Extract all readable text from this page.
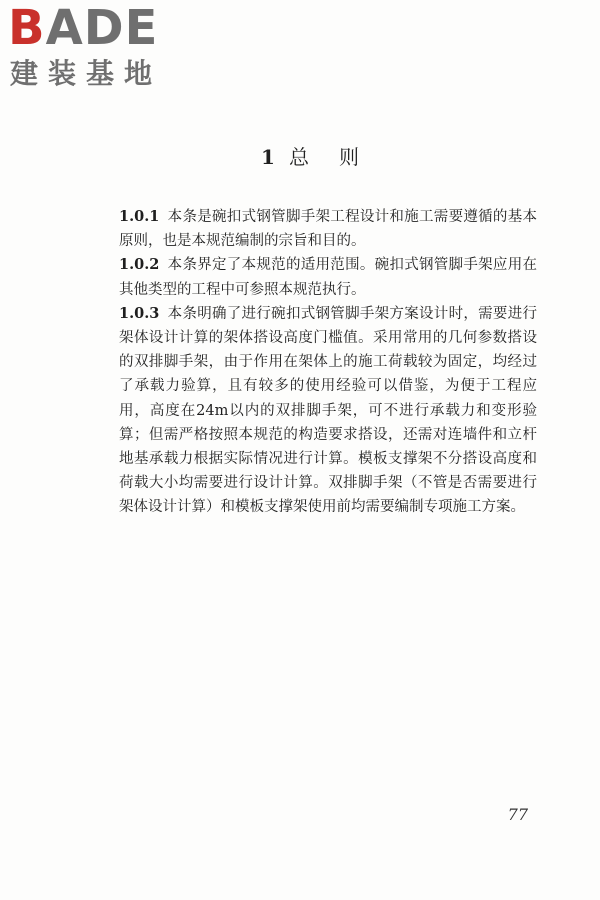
BADE
建装基地
1 总则

1.0.1 本条是碗扣式钢管脚手架工程设计和施工需要遵循的基本原则，也是本规范编制的宗旨和目的。

1.0.2 本条界定了本规范的适用范围。碗扣式钢管脚手架应用在其他类型的工程中可参照本规范执行。

1.0.3 本条明确了进行碗扣式钢管脚手架方案设计时，需要进行架体设计计算的架体搭设高度门槛值。采用常用的几何参数搭设的双排脚手架，由于作用在架体上的施工荷载较为固定，均经过了承载力验算，且有较多的使用经验可以借鉴，为便于工程应用，高度在24m以内的双排脚手架，可不进行承载力和变形验算；但需严格按照本规范的构造要求搭设，还需对连墙件和立杆地基承载力根据实际情况进行计算。模板支撑架不分搭设高度和荷载大小均需要进行设计计算。双排脚手架（不管是否需要进行架体设计计算）和模板支撑架使用前均需要编制专项施工方案。

77
